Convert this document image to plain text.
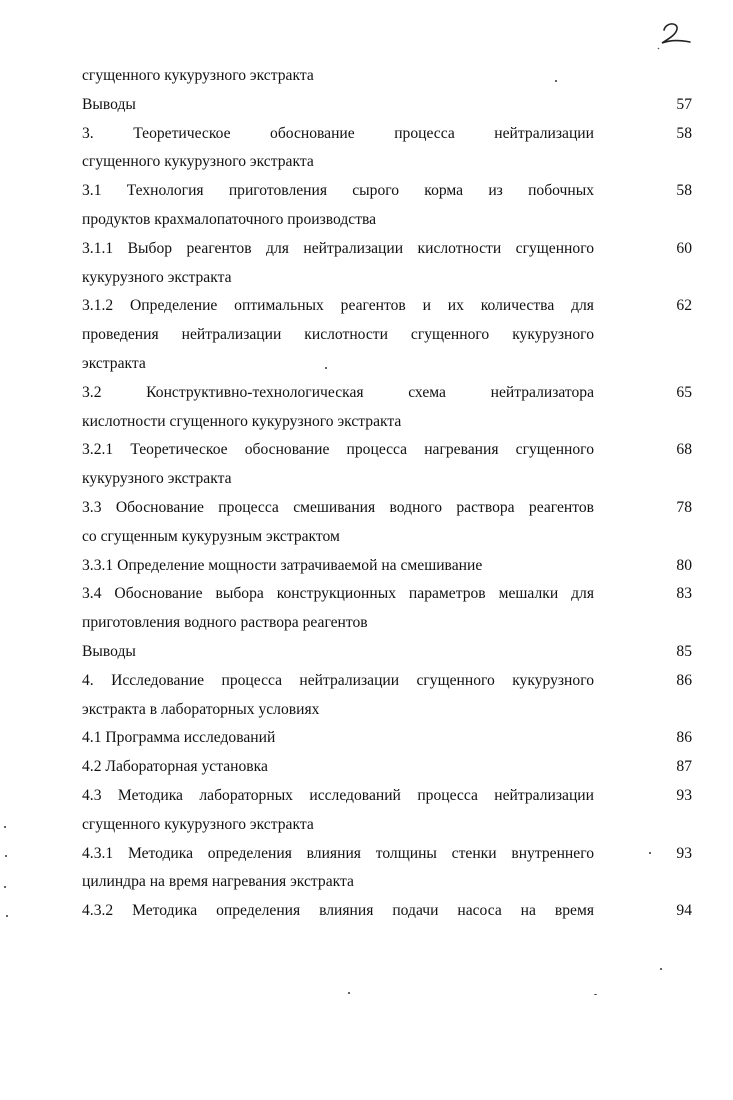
сгущенного кукурузного экстракта
Выводы	57
3. Теоретическое обоснование процесса нейтрализации	58
сгущенного кукурузного экстракта
3.1 Технология приготовления сырого корма из побочных	58
продуктов крахмалопаточного производства
3.1.1 Выбор реагентов для нейтрализации кислотности сгущенного	60
кукурузного экстракта
3.1.2 Определение оптимальных реагентов и их количества для	62
проведения нейтрализации кислотности сгущенного кукурузного
экстракта
3.2 Конструктивно-технологическая схема нейтрализатора	65
кислотности сгущенного кукурузного экстракта
3.2.1 Теоретическое обоснование процесса нагревания сгущенного	68
кукурузного экстракта
3.3 Обоснование процесса смешивания водного раствора реагентов	78
со сгущенным кукурузным экстрактом
3.3.1 Определение мощности затрачиваемой на смешивание	80
3.4 Обоснование выбора конструкционных параметров мешалки для	83
приготовления водного раствора реагентов
Выводы	85
4. Исследование процесса нейтрализации сгущенного кукурузного	86
экстракта в лабораторных условиях
4.1 Программа исследований	86
4.2 Лабораторная установка	87
4.3 Методика лабораторных исследований процесса нейтрализации	93
сгущенного кукурузного экстракта
4.3.1 Методика определения влияния толщины стенки внутреннего	93
цилиндра на время нагревания экстракта
4.3.2 Методика определения влияния подачи насоса на время	94
